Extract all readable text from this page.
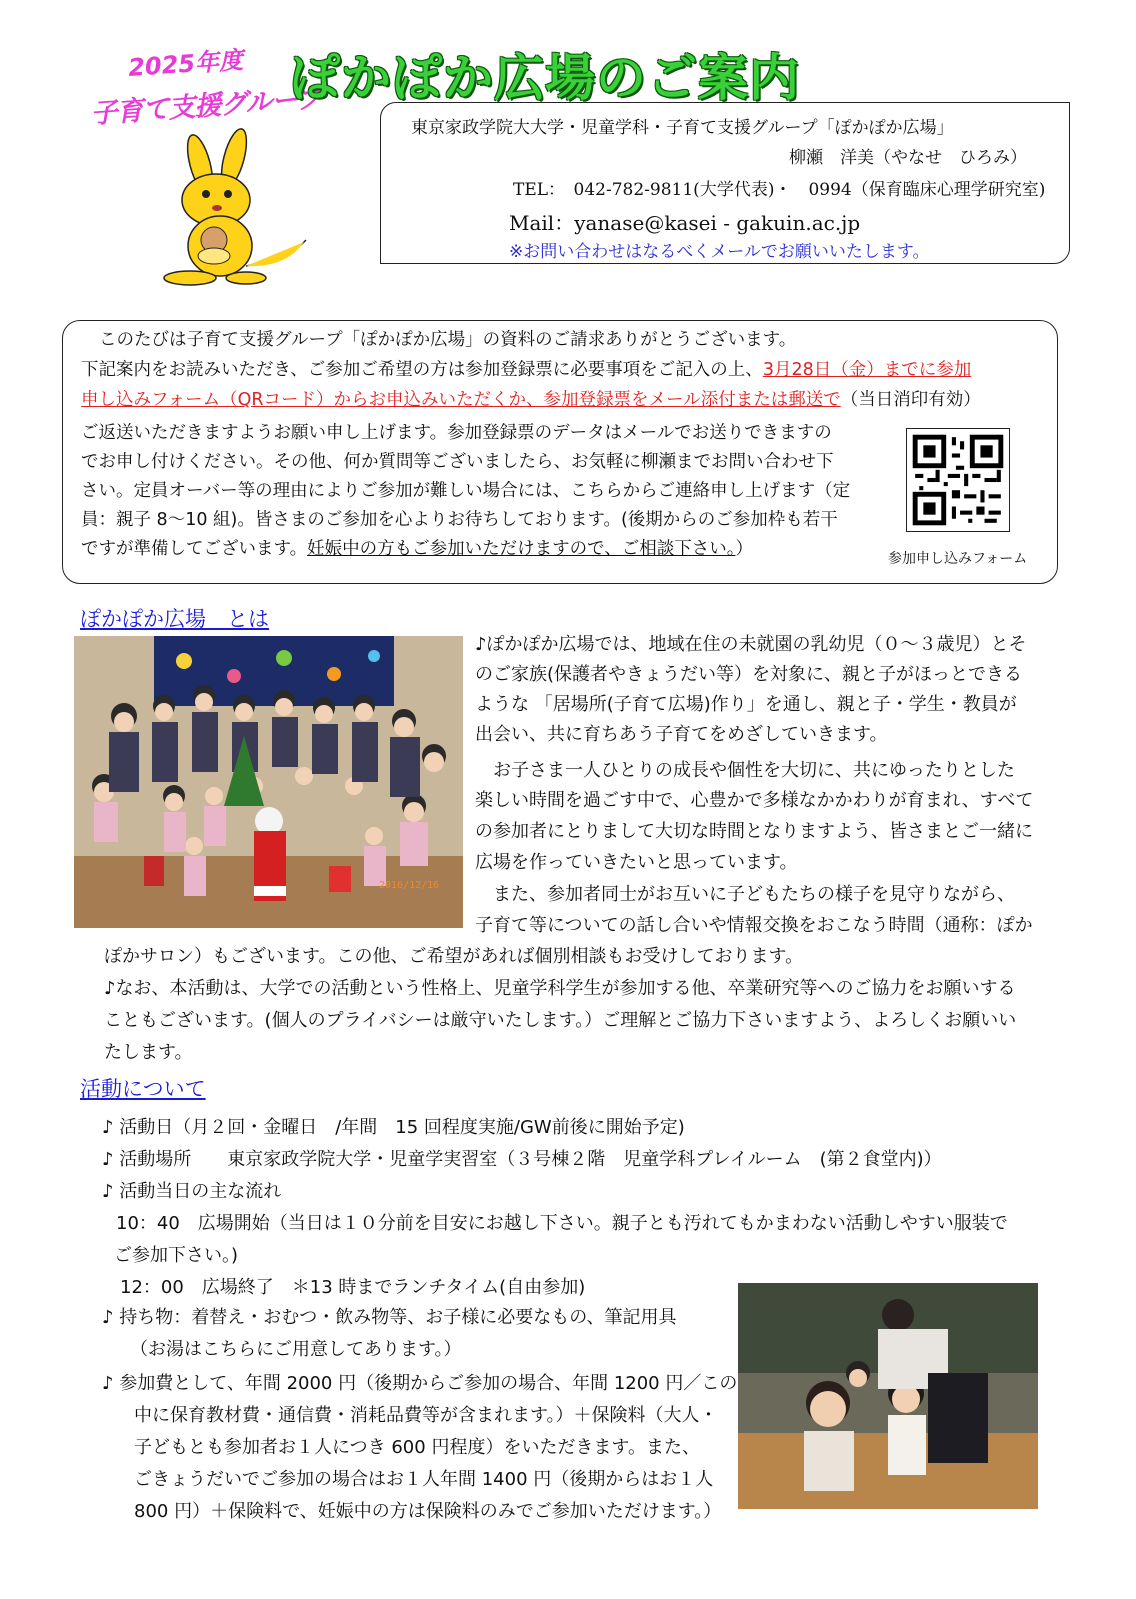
2025年度
子育て支援グループ
ぽかぽか広場のご案内
東京家政学院大大学・児童学科・子育て支援グループ「ぽかぽか広場」
柳瀬　洋美（やなせ　ひろみ）
TEL：　042-782-9811(大学代表)・　0994（保育臨床心理学研究室)
Mail：yanase@kasei - gakuin.ac.jp
※お問い合わせはなるべくメールでお願いいたします。
このたびは子育て支援グループ「ぽかぽか広場」の資料のご請求ありがとうございます。
下記案内をお読みいただき、ご参加ご希望の方は参加登録票に必要事項をご記入の上、3月28日（金）までに参加
申し込みフォーム（QRコード）からお申込みいただくか、参加登録票をメール添付または郵送で（当日消印有効）
ご返送いただきますようお願い申し上げます。参加登録票のデータはメールでお送りできますの
でお申し付けください。その他、何か質問等ございましたら、お気軽に柳瀬までお問い合わせ下
さい。定員オーバー等の理由によりご参加が難しい場合には、こちらからご連絡申し上げます（定
員：親子 8～10 組)。皆さまのご参加を心よりお待ちしております。(後期からのご参加枠も若干
ですが準備してございます。妊娠中の方もご参加いただけますので、ご相談下さい。）	参加申し込みフォーム
ぽかぽか広場　とは
2016/12/16
♪ぽかぽか広場では、地域在住の未就園の乳幼児（０～３歳児）とそ
のご家族(保護者やきょうだい等）を対象に、親と子がほっとできる
ような 「居場所(子育て広場)作り」を通し、親と子・学生・教員が
出会い、共に育ちあう子育てをめざしていきます。
　お子さま一人ひとりの成長や個性を大切に、共にゆったりとした
楽しい時間を過ごす中で、心豊かで多様なかかわりが育まれ、すべて
の参加者にとりまして大切な時間となりますよう、皆さまとご一緒に
広場を作っていきたいと思っています。
　また、参加者同士がお互いに子どもたちの様子を見守りながら、
子育て等についての話し合いや情報交換をおこなう時間（通称：ぽか
ぽかサロン）もございます。この他、ご希望があれば個別相談もお受けしております。
♪なお、本活動は、大学での活動という性格上、児童学科学生が参加する他、卒業研究等へのご協力をお願いする
こともございます。(個人のプライバシーは厳守いたします。）ご理解とご協力下さいますよう、よろしくお願いい
たします。
活動について
♪ 活動日（月２回・金曜日　/年間　15 回程度実施/GW前後に開始予定)
♪ 活動場所　　東京家政学院大学・児童学実習室（３号棟２階　児童学科プレイルーム　(第２食堂内)）
♪ 活動当日の主な流れ
10：40　広場開始（当日は１０分前を目安にお越し下さい。親子とも汚れてもかまわない活動しやすい服装で
ご参加下さい。)
12：00　広場終了　＊13 時までランチタイム(自由参加)
♪ 持ち物：着替え・おむつ・飲み物等、お子様に必要なもの、筆記用具
（お湯はこちらにご用意してあります。）
♪ 参加費として、年間 2000 円（後期からご参加の場合、年間 1200 円／この
中に保育教材費・通信費・消耗品費等が含まれます。）＋保険料（大人・
子どもとも参加者お１人につき 600 円程度）をいただきます。また、
ごきょうだいでご参加の場合はお１人年間 1400 円（後期からはお１人
800 円）＋保険料で、妊娠中の方は保険料のみでご参加いただけます。）
